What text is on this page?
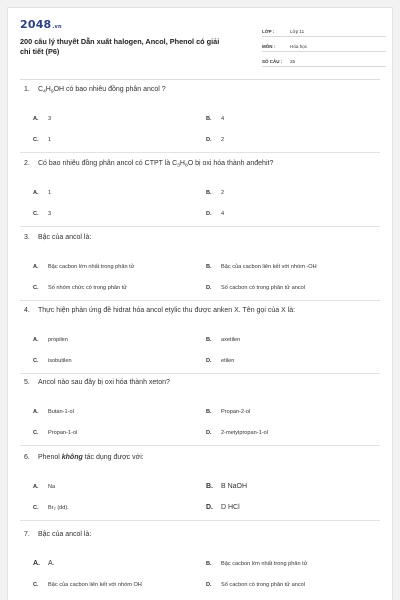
2048.vn
200 câu lý thuyết Dẫn xuất halogen, Ancol, Phenol có giải chi tiết (P6)
LỚP :	Lớp 11
MÔN :	Hóa học
SỐ CÂU :	25
1. $C_4H_9OH$ có bao nhiêu đồng phân ancol ?
A. 3	B. 4
C. 1	D. 2
2. Có bao nhiêu đồng phân ancol có CTPT là $C_3H_8O$ bị oxi hóa thành anđehit?
A. 1	B. 2
C. 3	D. 4
3. Bậc của ancol là:
A. Bậc cacbon lớn nhất trong phân tử	B. Bậc của cacbon liên kết với nhóm -OH
C. Số nhóm chức có trong phân tử	D. Số cacbon có trong phân tử ancol
4. Thực hiện phản ứng đề hidrat hóa ancol etylic thu được anken X. Tên gọi của X là:
A. propilen	B. axetilen
C. isobutilen	D. etilen
5. Ancol nào sau đây bị oxi hóa thành xeton?
A. Butan-1-ol	B. Propan-2-ol
C. Propan-1-ol	D. 2-metylpropan-1-ol
6. Phenol không tác dụng được với:
A. Na	B. B NaOH
C. Br₂ (dd).	D. D HCl
7. Bậc của ancol là:
A. A.	B. Bậc cacbon lớn nhất trong phân tử
C. Bậc của cacbon liên kết với nhóm OH	D. Số cacbon có trong phân tử ancol
